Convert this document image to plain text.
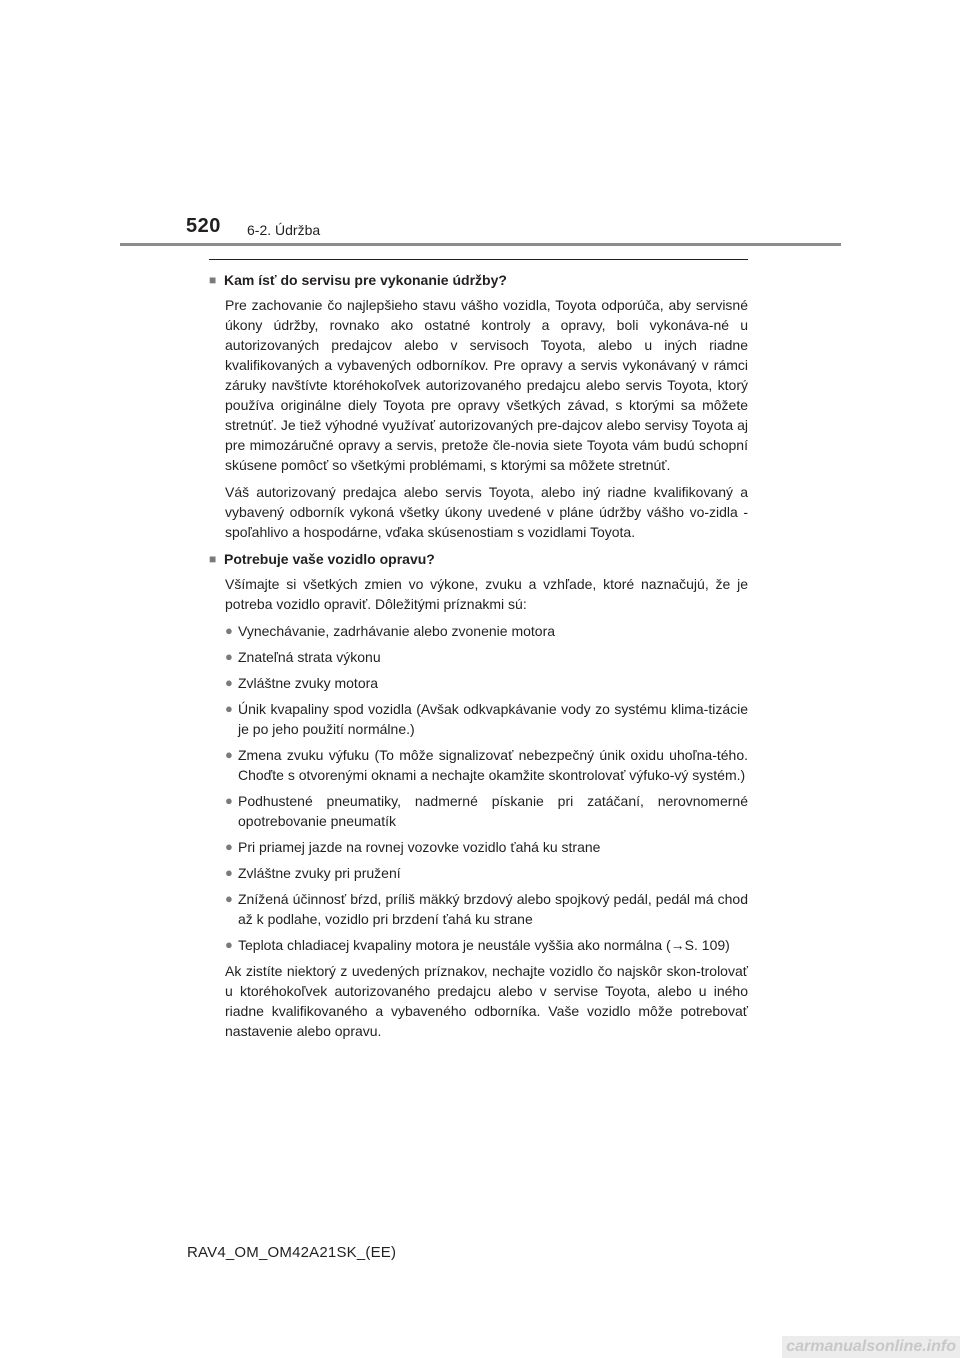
520 6-2. Údržba
■ Kam ísť do servisu pre vykonanie údržby?

Pre zachovanie čo najlepšieho stavu vášho vozidla, Toyota odporúča, aby servisné úkony údržby, rovnako ako ostatné kontroly a opravy, boli vykonáva-né u autorizovaných predajcov alebo v servisoch Toyota, alebo u iných riadne kvalifikovaných a vybavených odborníkov. Pre opravy a servis vykonávaný v rámci záruky navštívte ktoréhokoľvek autorizovaného predajcu alebo servis Toyota, ktorý používa originálne diely Toyota pre opravy všetkých závad, s ktorými sa môžete stretnúť. Je tiež výhodné využívať autorizovaných pre-dajcov alebo servisy Toyota aj pre mimozáručné opravy a servis, pretože čle-novia siete Toyota vám budú schopní skúsene pomôcť so všetkými problémami, s ktorými sa môžete stretnúť.

Váš autorizovaný predajca alebo servis Toyota, alebo iný riadne kvalifikovaný a vybavený odborník vykoná všetky úkony uvedené v pláne údržby vášho vo-zidla - spoľahlivo a hospodárne, vďaka skúsenostiam s vozidlami Toyota.

■ Potrebuje vaše vozidlo opravu?

Všímajte si všetkých zmien vo výkone, zvuku a vzhľade, ktoré naznačujú, že je potreba vozidlo opraviť. Dôležitými príznakmi sú:

● Vynechávanie, zadrhávanie alebo zvonenie motora
● Znateľná strata výkonu
● Zvláštne zvuky motora
● Únik kvapaliny spod vozidla (Avšak odkvapkávanie vody zo systému klima-tizácie je po jeho použití normálne.)
● Zmena zvuku výfuku (To môže signalizovať nebezpečný únik oxidu uhoľna-tého. Choďte s otvorenými oknami a nechajte okamžite skontrolovať výfuko-vý systém.)
● Podhustené pneumatiky, nadmerné pískanie pri zatáčaní, nerovnomerné opotrebovanie pneumatík
● Pri priamej jazde na rovnej vozovke vozidlo ťahá ku strane
● Zvláštne zvuky pri pružení
● Znížená účinnosť bŕzd, príliš mäkký brzdový alebo spojkový pedál, pedál má chod až k podlahe, vozidlo pri brzdení ťahá ku strane
● Teplota chladiacej kvapaliny motora je neustále vyššia ako normálna (→S. 109)

Ak zistíte niektorý z uvedených príznakov, nechajte vozidlo čo najskôr skon-trolovať u ktoréhokoľvek autorizovaného predajcu alebo v servise Toyota, alebo u iného riadne kvalifikovaného a vybaveného odborníka. Vaše vozidlo môže potrebovať nastavenie alebo opravu.

RAV4_OM_OM42A21SK_(EE)
carmanualsonline.info
